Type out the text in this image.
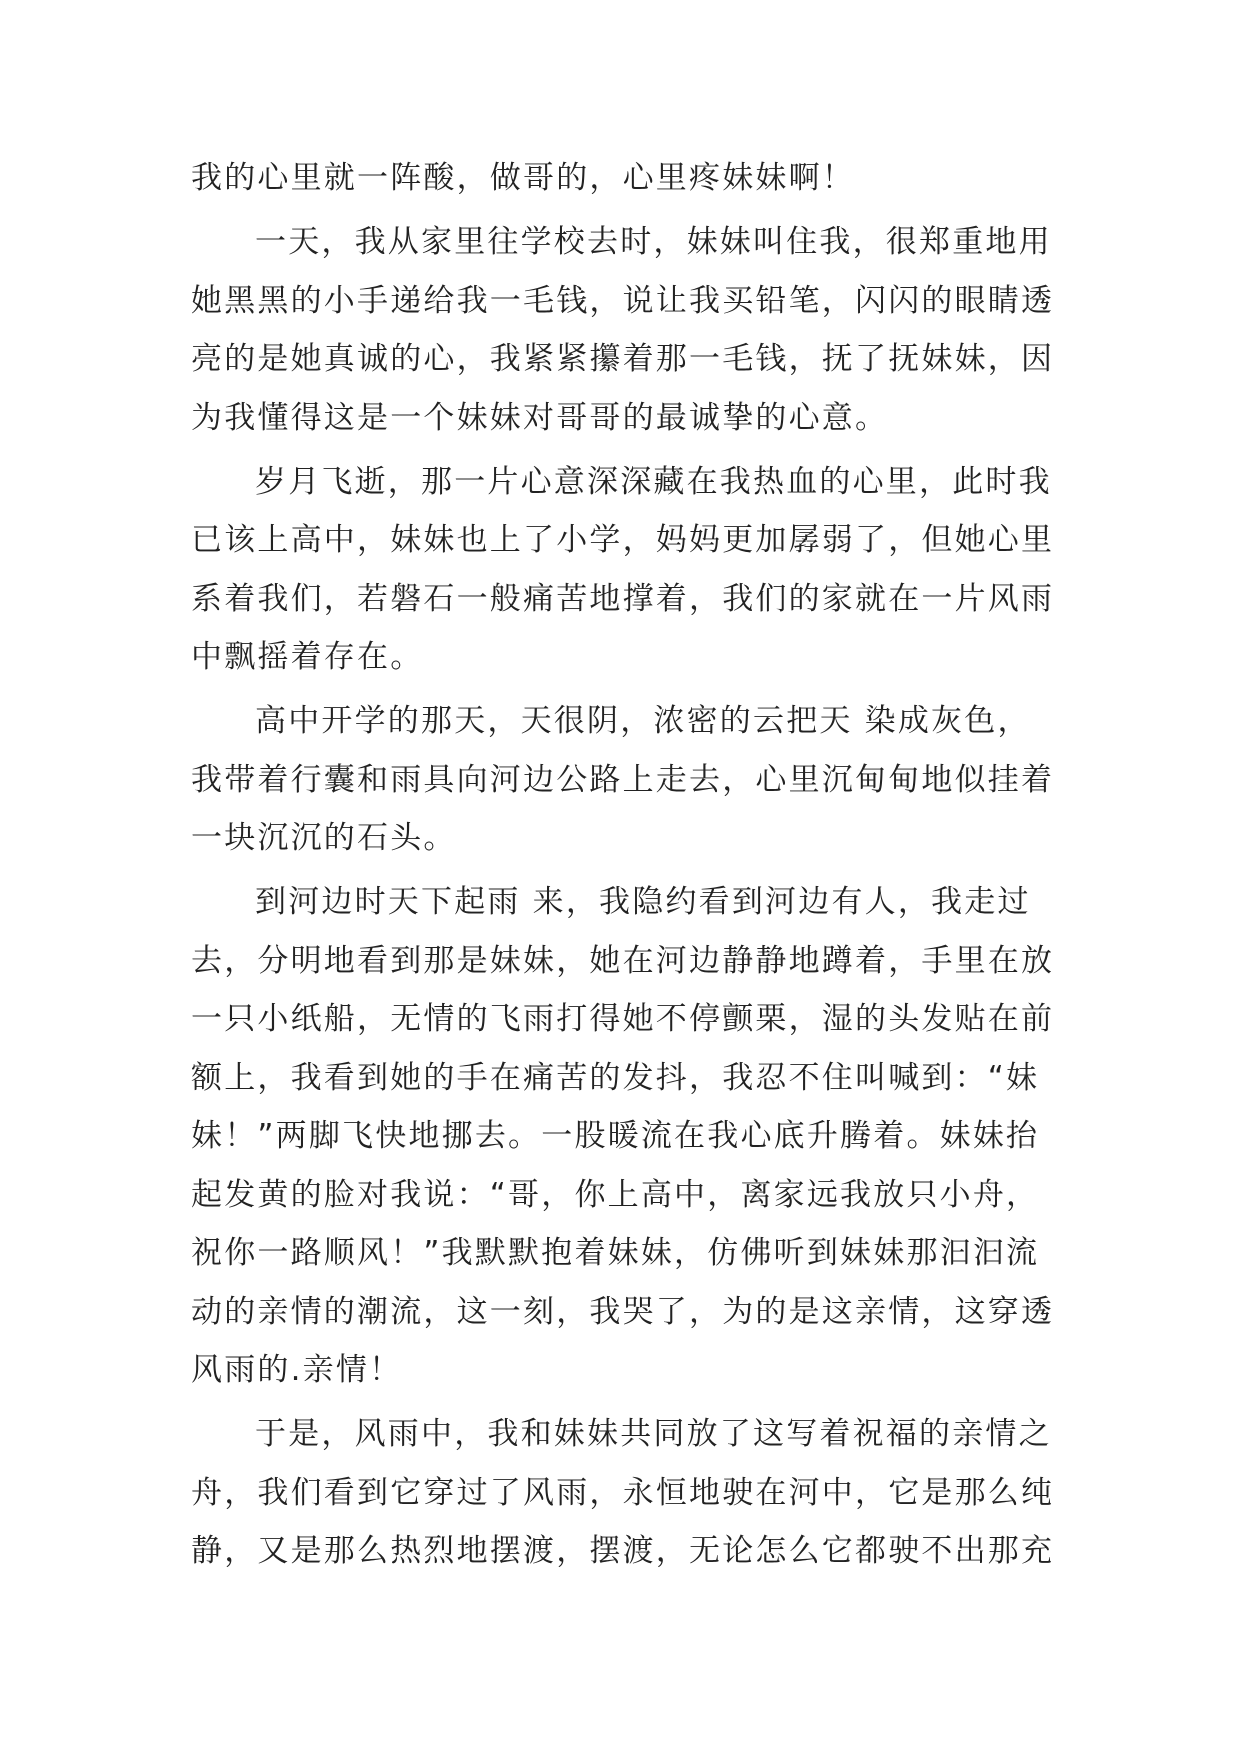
我的心里就一阵酸，做哥的，心里疼妹妹啊！
一天，我从家里往学校去时，妹妹叫住我，很郑重地用
她黑黑的小手递给我一毛钱，说让我买铅笔，闪闪的眼睛透
亮的是她真诚的心，我紧紧攥着那一毛钱，抚了抚妹妹，因
为我懂得这是一个妹妹对哥哥的最诚挚的心意。
岁月飞逝，那一片心意深深藏在我热血的心里，此时我
已该上高中，妹妹也上了小学，妈妈更加孱弱了，但她心里
系着我们，若磐石一般痛苦地撑着，我们的家就在一片风雨
中飘摇着存在。
高中开学的那天，天很阴，浓密的云把天 染成灰色，
我带着行囊和雨具向河边公路上走去，心里沉甸甸地似挂着
一块沉沉的石头。
到河边时天下起雨 来，我隐约看到河边有人，我走过
去，分明地看到那是妹妹，她在河边静静地蹲着，手里在放
一只小纸船，无情的飞雨打得她不停颤栗，湿的头发贴在前
额上，我看到她的手在痛苦的发抖，我忍不住叫喊到：“妹
妹！”两脚飞快地挪去。一股暖流在我心底升腾着。妹妹抬
起发黄的脸对我说：“哥，你上高中，离家远我放只小舟，
祝你一路顺风！”我默默抱着妹妹，仿佛听到妹妹那汩汩流
动的亲情的潮流，这一刻，我哭了，为的是这亲情，这穿透
风雨的.亲情！
于是，风雨中，我和妹妹共同放了这写着祝福的亲情之
舟，我们看到它穿过了风雨，永恒地驶在河中，它是那么纯
静，又是那么热烈地摆渡，摆渡，无论怎么它都驶不出那充
